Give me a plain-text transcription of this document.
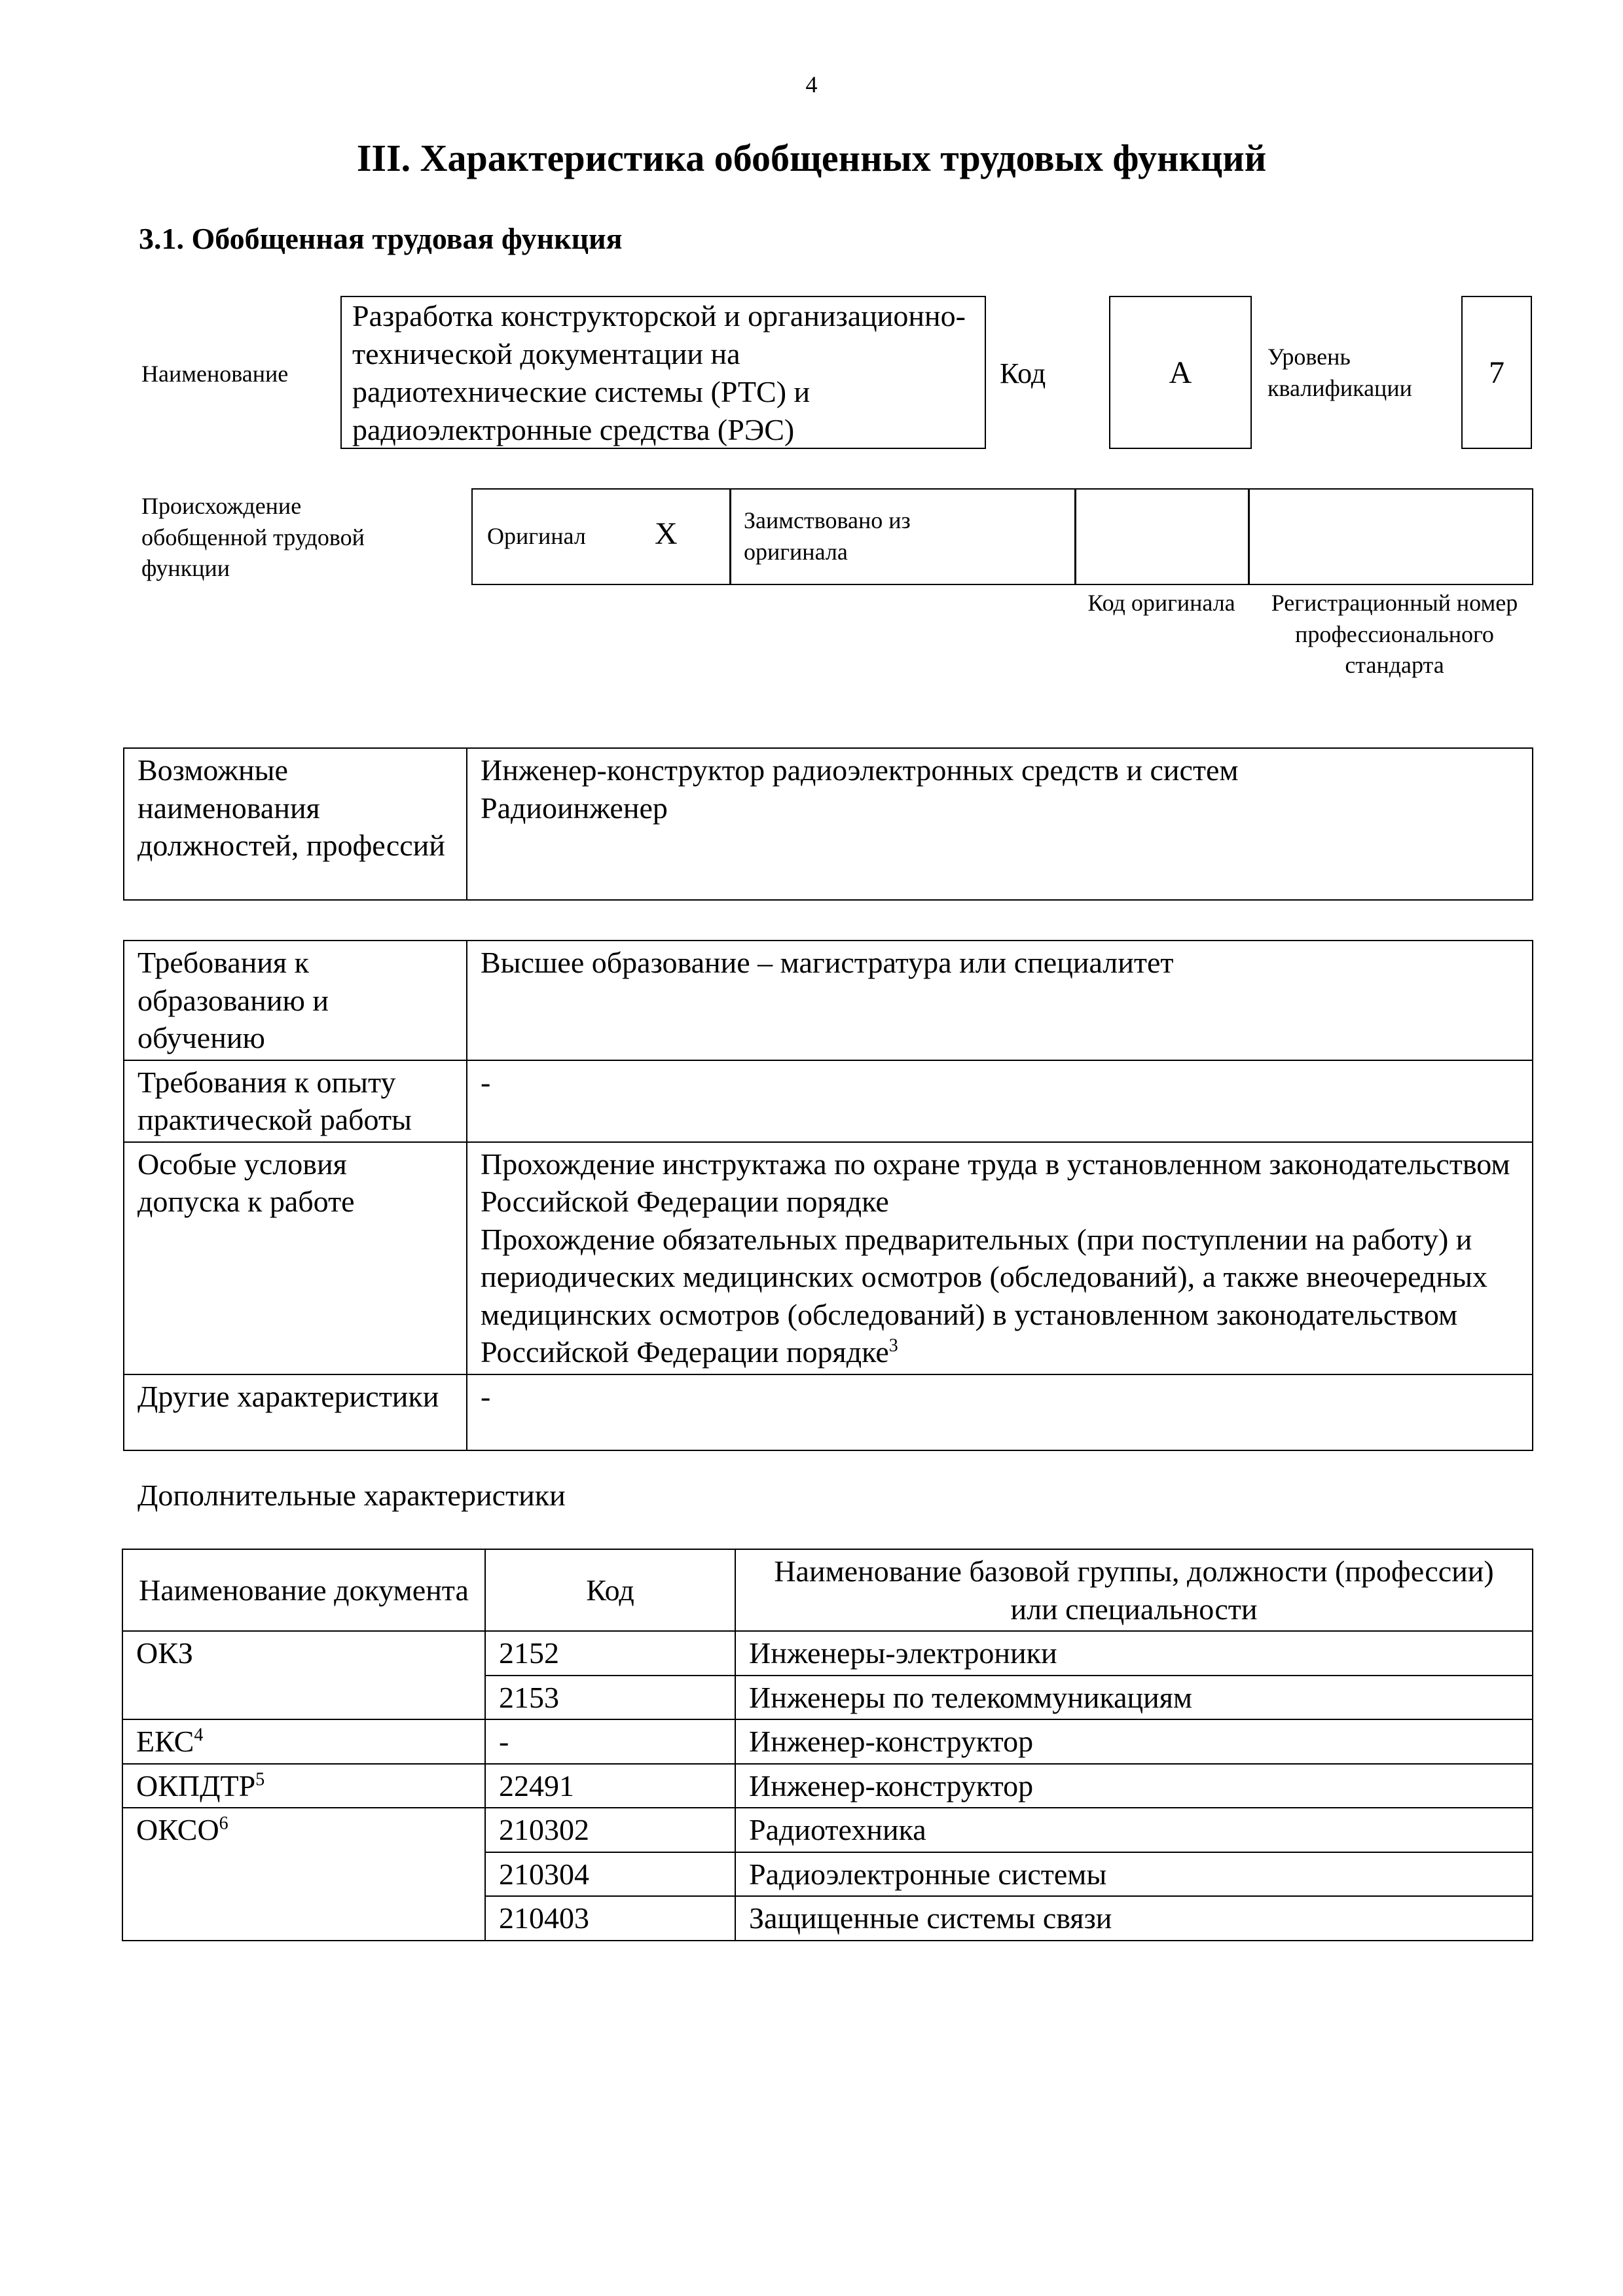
4
III. Характеристика обобщенных трудовых функций
3.1. Обобщенная трудовая функция
Наименование
Разработка конструкторской и организационно-технической документации на радиотехнические системы (РТС) и радиоэлектронные средства (РЭС)
Код	А	Уровень квалификации	7
Происхождение обобщенной трудовой функции
Оригинал X	Заимствовано из оригинала
Код оригинала	Регистрационный номер профессионального стандарта
Возможные наименования должностей, профессий	
Инженер-конструктор радиоэлектронных средств и систем
Радиоинженер
Требования к образованию и обучению	Высшее образование – магистратура или специалитет
Требования к опыту практической работы	-
Особые условия допуска к работе	Прохождение инструктажа по охране труда в установленном законодательством Российской Федерации порядке
Прохождение обязательных предварительных (при поступлении на работу) и периодических медицинских осмотров (обследований), а также внеочередных медицинских осмотров (обследований) в установленном законодательством Российской Федерации порядке$^3$

Другие характеристики	-
Дополнительные характеристики
Наименование документа	Код	Наименование базовой группы, должности (профессии) или специальности
ОКЗ	2152	Инженеры-электроники
	2153	Инженеры по телекоммуникациям
ЕКС$^4$	-	Инженер-конструктор
ОКПДТР$^5$	22491	Инженер-конструктор
ОКСО$^6$	210302	Радиотехника
	210304	Радиоэлектронные системы
	210403	Защищенные системы связи
